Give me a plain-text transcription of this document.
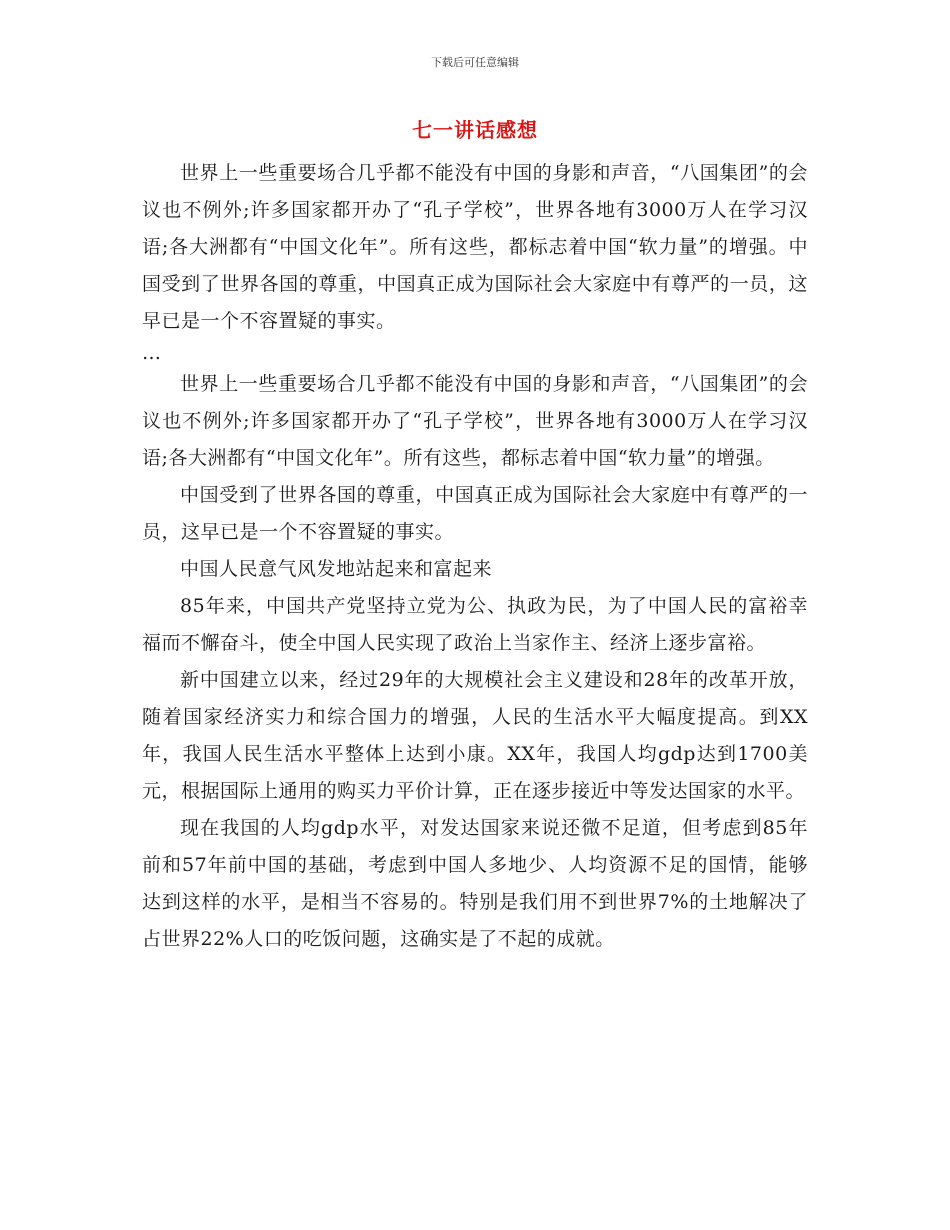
下载后可任意编辑
七一讲话感想

世界上一些重要场合几乎都不能没有中国的身影和声音，“八国集团”的会议也不例外;许多国家都开办了“孔子学校”，世界各地有3000万人在学习汉语;各大洲都有“中国文化年”。所有这些，都标志着中国“软力量”的增强。中国受到了世界各国的尊重，中国真正成为国际社会大家庭中有尊严的一员，这早已是一个不容置疑的事实。

…

世界上一些重要场合几乎都不能没有中国的身影和声音，“八国集团”的会议也不例外;许多国家都开办了“孔子学校”，世界各地有3000万人在学习汉语;各大洲都有“中国文化年”。所有这些，都标志着中国“软力量”的增强。

中国受到了世界各国的尊重，中国真正成为国际社会大家庭中有尊严的一员，这早已是一个不容置疑的事实。

中国人民意气风发地站起来和富起来

85年来，中国共产党坚持立党为公、执政为民，为了中国人民的富裕幸福而不懈奋斗，使全中国人民实现了政治上当家作主、经济上逐步富裕。

新中国建立以来，经过29年的大规模社会主义建设和28年的改革开放，随着国家经济实力和综合国力的增强，人民的生活水平大幅度提高。到XX年，我国人民生活水平整体上达到小康。XX年，我国人均gdp达到1700美元，根据国际上通用的购买力平价计算，正在逐步接近中等发达国家的水平。

现在我国的人均gdp水平，对发达国家来说还微不足道，但考虑到85年前和57年前中国的基础，考虑到中国人多地少、人均资源不足的国情，能够达到这样的水平，是相当不容易的。特别是我们用不到世界7%的土地解决了占世界22%人口的吃饭问题，这确实是了不起的成就。
